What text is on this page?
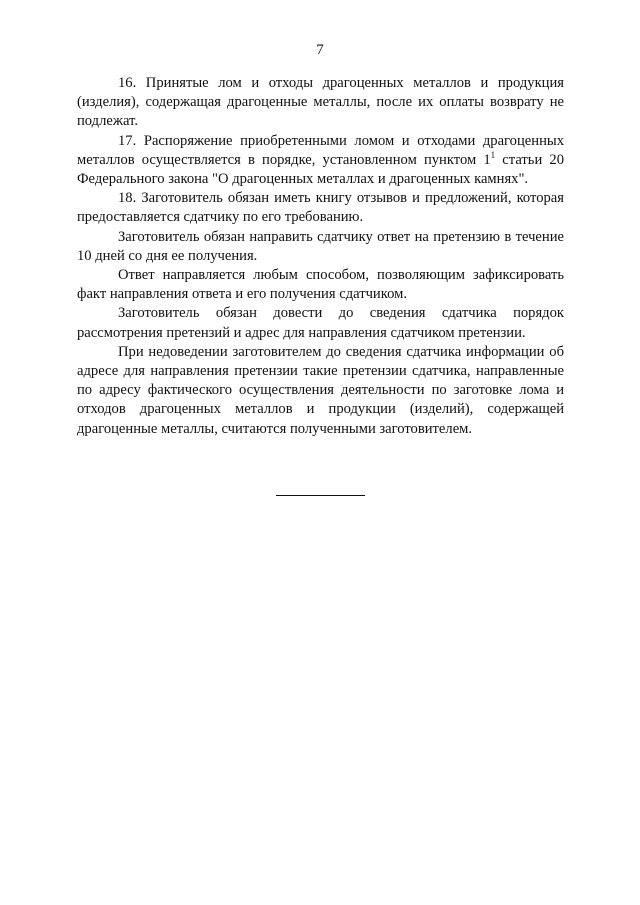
7

16. Принятые лом и отходы драгоценных металлов и продукция (изделия), содержащая драгоценные металлы, после их оплаты возврату не подлежат.

17. Распоряжение приобретенными ломом и отходами драгоценных металлов осуществляется в порядке, установленном пунктом $1^1$ статьи 20 Федерального закона "О драгоценных металлах и драгоценных камнях".

18. Заготовитель обязан иметь книгу отзывов и предложений, которая предоставляется сдатчику по его требованию.

Заготовитель обязан направить сдатчику ответ на претензию в течение 10 дней со дня ее получения.

Ответ направляется любым способом, позволяющим зафиксировать факт направления ответа и его получения сдатчиком.

Заготовитель обязан довести до сведения сдатчика порядок рассмотрения претензий и адрес для направления сдатчиком претензии.

При недоведении заготовителем до сведения сдатчика информации об адресе для направления претензии такие претензии сдатчика, направленные по адресу фактического осуществления деятельности по заготовке лома и отходов драгоценных металлов и продукции (изделий), содержащей драгоценные металлы, считаются полученными заготовителем.
